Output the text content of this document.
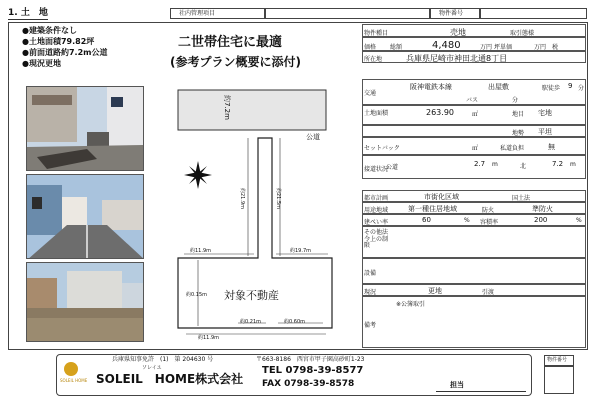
1. 土　地	社内管理項目	物件番号
●建築条件なし
●土地面積79.82坪
●前面道路約7.2m公道
●現況更地
二世帯住宅に最適
(参考プラン概要に添付)
約7.2m
公道
対象不動産
約11.9m	約19.7m
約21.9m	約21.5m
約0.15m
約0.21m	約0.60m
約11.9m
物件種目	売地	取引態様
価格 総額	4,480	万円 坪単価	万円 税
所在地	兵庫県尼崎市神田北通8丁目
交通
阪神電鉄本線	出屋敷	駅徒歩 9 分
バス	分
土地面積	263.90	㎡	地目 宅地
地勢 平坦
セットバック	㎡	私道負担	無
接道状況
公道	2.7 m	北	7.2 m
都市計画	市街化区域	国土法
用途地域	第一種住居地域	防火	準防火
建ぺい率	60	% 容積率	200	%
その他法令上の制限
設備
現況	更地	引渡
備考
※公簿取引
兵庫県知事免許　(1)　第 204630 号	〒663-8186　西宮市甲子園高砂町1-23
SOLEIL HOME
ソレイユ
SOLEIL　HOME株式会社
TEL 0798-39-8577
FAX 0798-39-8578	担当
物件番号
